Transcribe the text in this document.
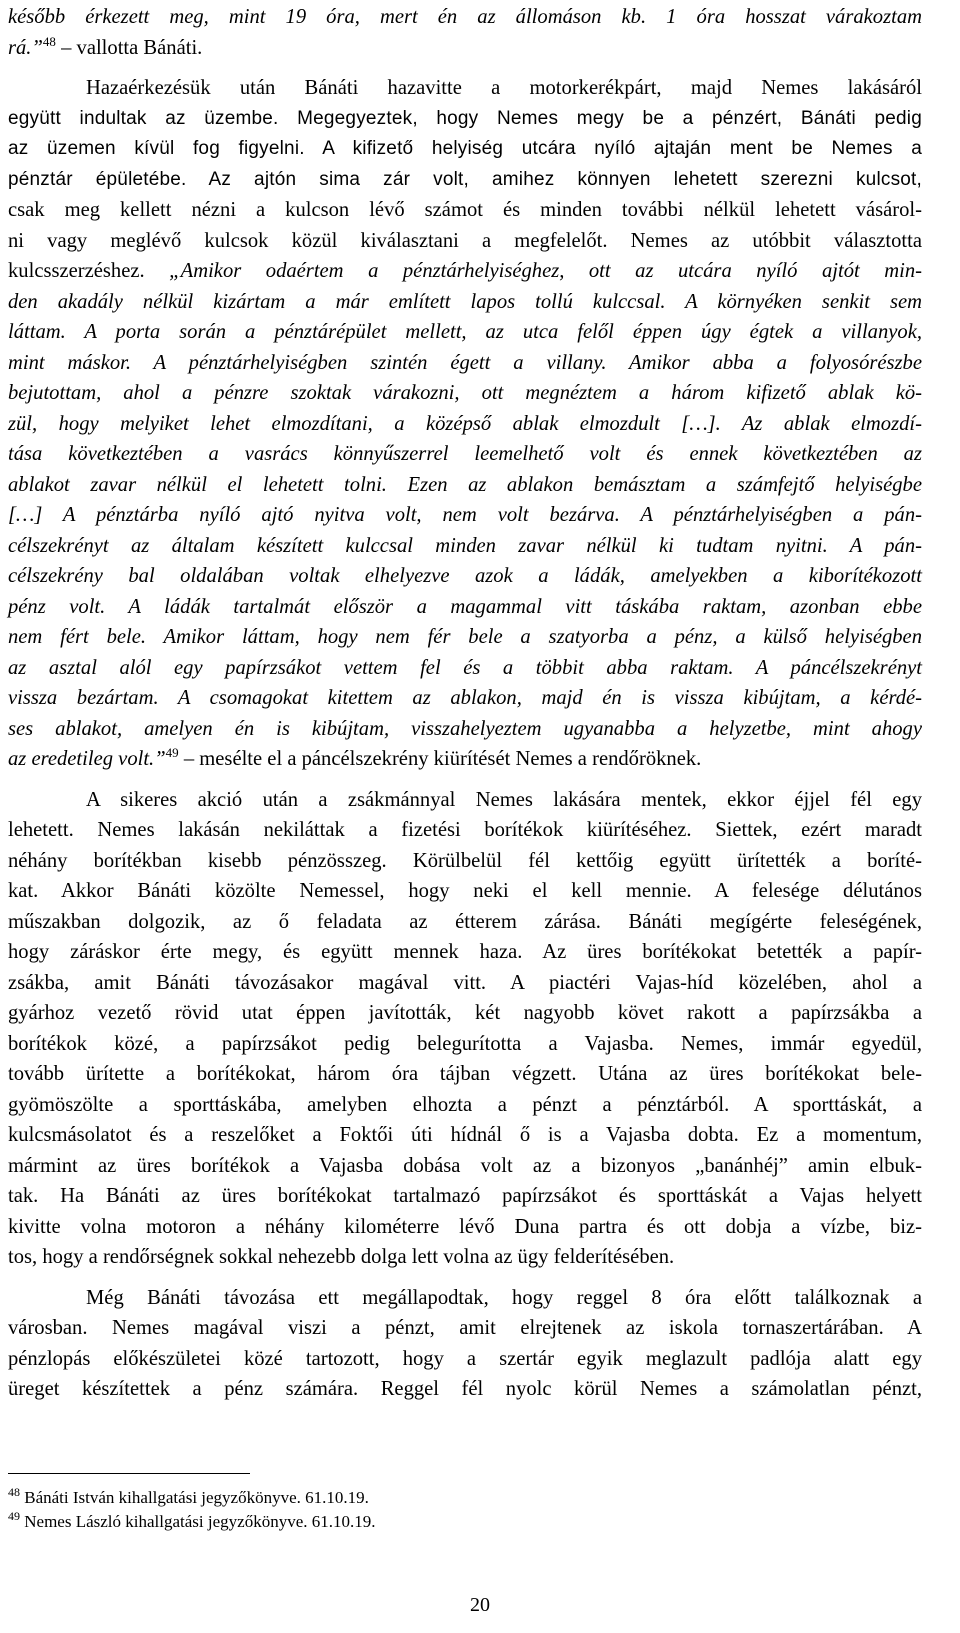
később érkezett meg, mint 19 óra, mert én az állomáson kb. 1 óra hosszat várakoztam
rá.”$^{48}$ – vallotta Bánáti.
Hazaérkezésük után Bánáti hazavitte a motorkerékpárt, majd Nemes lakásáról
együtt indultak az üzembe. Megegyeztek, hogy Nemes megy be a pénzért, Bánáti pedig
az üzemen kívül fog figyelni. A kifizető helyiség utcára nyíló ajtaján ment be Nemes a
pénztár épületébe. Az ajtón sima zár volt, amihez könnyen lehetett szerezni kulcsot,
csak meg kellett nézni a kulcson lévő számot és minden további nélkül lehetett vásárol-
ni vagy meglévő kulcsok közül kiválasztani a megfelelőt. Nemes az utóbbit választotta
kulcsszerzéshez. „Amikor odaértem a pénztárhelyiséghez, ott az utcára nyíló ajtót min-
den akadály nélkül kizártam a már említett lapos tollú kulccsal. A környéken senkit sem
láttam. A porta során a pénztárépület mellett, az utca felől éppen úgy égtek a villanyok,
mint máskor. A pénztárhelyiségben szintén égett a villany. Amikor abba a folyosórészbe
bejutottam, ahol a pénzre szoktak várakozni, ott megnéztem a három kifizető ablak kö-
zül, hogy melyiket lehet elmozdítani, a középső ablak elmozdult […]. Az ablak elmozdí-
tása következtében a vasrács könnyűszerrel leemelhető volt és ennek következtében az
ablakot zavar nélkül el lehetett tolni. Ezen az ablakon bemásztam a számfejtő helyiségbe
[…] A pénztárba nyíló ajtó nyitva volt, nem volt bezárva. A pénztárhelyiségben a pán-
célszekrényt az általam készített kulccsal minden zavar nélkül ki tudtam nyitni. A pán-
célszekrény bal oldalában voltak elhelyezve azok a ládák, amelyekben a kiborítékozott
pénz volt. A ládák tartalmát először a magammal vitt táskába raktam, azonban ebbe
nem fért bele. Amikor láttam, hogy nem fér bele a szatyorba a pénz, a külső helyiségben
az asztal alól egy papírzsákot vettem fel és a többit abba raktam. A páncélszekrényt
vissza bezártam. A csomagokat kitettem az ablakon, majd én is vissza kibújtam, a kérdé-
ses ablakot, amelyen én is kibújtam, visszahelyeztem ugyanabba a helyzetbe, mint ahogy
az eredetileg volt.”$^{49}$ – mesélte el a páncélszekrény kiürítését Nemes a rendőröknek.
A sikeres akció után a zsákmánnyal Nemes lakására mentek, ekkor éjjel fél egy
lehetett. Nemes lakásán nekiláttak a fizetési borítékok kiürítéséhez. Siettek, ezért maradt
néhány borítékban kisebb pénzösszeg. Körülbelül fél kettőig együtt ürítették a boríté-
kat. Akkor Bánáti közölte Nemessel, hogy neki el kell mennie. A felesége délutános
műszakban dolgozik, az ő feladata az étterem zárása. Bánáti megígérte feleségének,
hogy záráskor érte megy, és együtt mennek haza. Az üres borítékokat betették a papír-
zsákba, amit Bánáti távozásakor magával vitt. A piactéri Vajas-híd közelében, ahol a
gyárhoz vezető rövid utat éppen javították, két nagyobb követ rakott a papírzsákba a
borítékok közé, a papírzsákot pedig belegurította a Vajasba. Nemes, immár egyedül,
tovább ürítette a borítékokat, három óra tájban végzett. Utána az üres borítékokat bele-
gyömöszölte a sporttáskába, amelyben elhozta a pénzt a pénztárból. A sporttáskát, a
kulcsmásolatot és a reszelőket a Foktői úti hídnál ő is a Vajasba dobta. Ez a momentum,
mármint az üres borítékok a Vajasba dobása volt az a bizonyos „banánhéj” amin elbuk-
tak. Ha Bánáti az üres borítékokat tartalmazó papírzsákot és sporttáskát a Vajas helyett
kivitte volna motoron a néhány kilométerre lévő Duna partra és ott dobja a vízbe, biz-
tos, hogy a rendőrségnek sokkal nehezebb dolga lett volna az ügy felderítésében.
Még Bánáti távozása ett megállapodtak, hogy reggel 8 óra előtt találkoznak a
városban. Nemes magával viszi a pénzt, amit elrejtenek az iskola tornaszertárában. A
pénzlopás előkészületei közé tartozott, hogy a szertár egyik meglazult padlója alatt egy
üreget készítettek a pénz számára. Reggel fél nyolc körül Nemes a számolatlan pénzt,
$^{48}$ Bánáti István kihallgatási jegyzőkönyve. 61.10.19.
$^{49}$ Nemes László kihallgatási jegyzőkönyve. 61.10.19.
20
